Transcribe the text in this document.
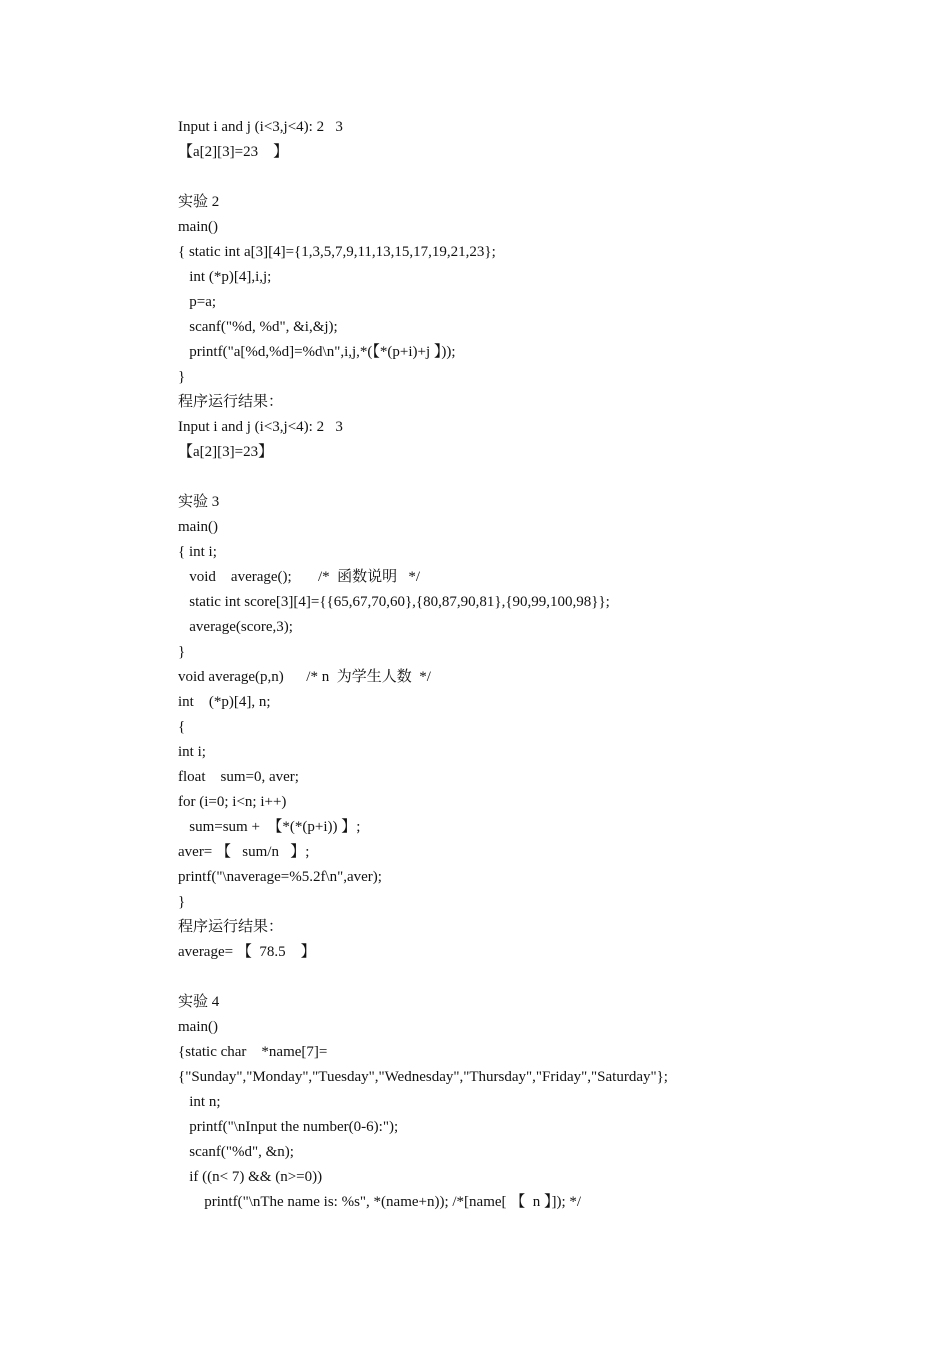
Input i and j (i<3,j<4): 2   3
【a[2][3]=23    】
实验 2
main()
{ static int a[3][4]={1,3,5,7,9,11,13,15,17,19,21,23};
int (*p)[4],i,j;
p=a;
scanf("%d, %d", &i,&j);
printf("a[%d,%d]=%d\n",i,j,*(【*(p+i)+j 】));
}
程序运行结果：
Input i and j (i<3,j<4): 2   3
【a[2][3]=23】
实验 3
main()
{ int i;
void    average();       /*  函数说明   */
static int score[3][4]={{65,67,70,60},{80,87,90,81},{90,99,100,98}};
average(score,3);
}
void average(p,n)      /* n  为学生人数  */
int    (*p)[4], n;
{
int i;
float    sum=0, aver;
for (i=0; i<n; i++)
sum=sum +  【*(*(p+i)) 】;
aver= 【   sum/n   】;
printf("\naverage=%5.2f\n",aver);
}
程序运行结果：
average= 【  78.5    】
实验 4
main()
{static char    *name[7]=
{"Sunday","Monday","Tuesday","Wednesday","Thursday","Friday","Saturday"};
int n;
printf("\nInput the number(0-6):");
scanf("%d", &n);
if ((n< 7) && (n>=0))
printf("\nThe name is: %s", *(name+n)); /*[name[ 【  n 】]); */
